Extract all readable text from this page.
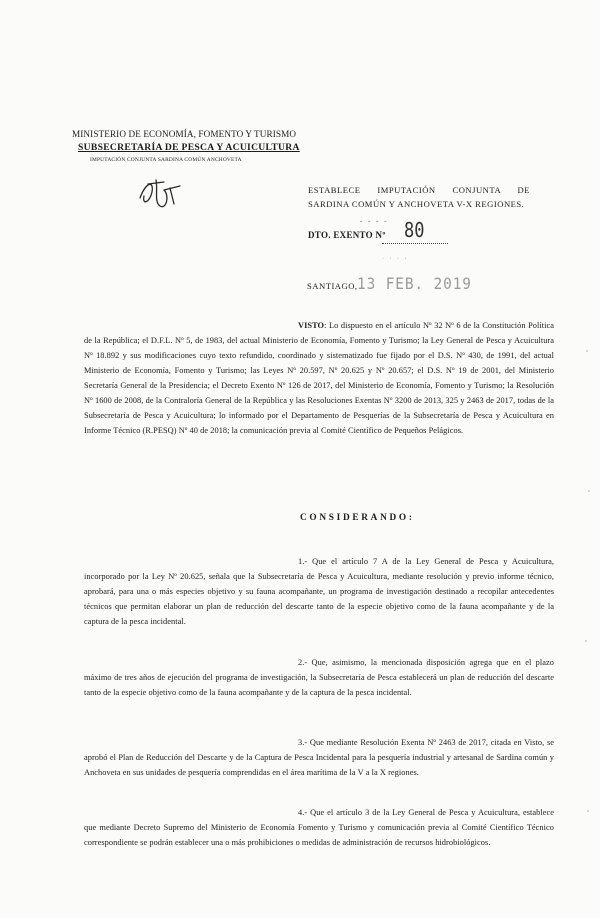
MINISTERIO DE ECONOMÍA, FOMENTO Y TURISMO
SUBSECRETARÍA DE PESCA Y ACUICULTURA
IMPUTACIÓN CONJUNTA SARDINA COMÚN ANCHOVETA
ESTABLECE IMPUTACIÓN CONJUNTA DE SARDINA COMÚN Y ANCHOVETA V-X REGIONES.
- - - -
DTO. EXENTO Nº 80
· · · ·
SANTIAGO, 13 FEB. 2019
VISTO: Lo dispuesto en el artículo Nº 32 Nº 6 de la Constitución Política de la República; el D.F.L. Nº 5, de 1983, del actual Ministerio de Economía, Fomento y Turismo; la Ley General de Pesca y Acuicultura Nº 18.892 y sus modificaciones cuyo texto refundido, coordinado y sistematizado fue fijado por el D.S. Nº 430, de 1991, del actual Ministerio de Economía, Fomento y Turismo; las Leyes Nº 20.597, Nº 20.625 y Nº 20.657; el D.S. Nº 19 de 2001, del Ministerio Secretaría General de la Presidencia; el Decreto Exento Nº 126 de 2017, del Ministerio de Economía, Fomento y Turismo; la Resolución Nº 1600 de 2008, de la Contraloría General de la República y las Resoluciones Exentas Nº 3200 de 2013, 325 y 2463 de 2017, todas de la Subsecretaría de Pesca y Acuicultura; lo informado por el Departamento de Pesquerías de la Subsecretaría de Pesca y Acuicultura en Informe Técnico (R.PESQ) Nº 40 de 2018; la comunicación previa al Comité Científico de Pequeños Pelágicos.
CONSIDERANDO:
1.- Que el artículo 7 A de la Ley General de Pesca y Acuicultura, incorporado por la Ley Nº 20.625, señala que la Subsecretaría de Pesca y Acuicultura, mediante resolución y previo informe técnico, aprobará, para una o más especies objetivo y su fauna acompañante, un programa de investigación destinado a recopilar antecedentes técnicos que permitan elaborar un plan de reducción del descarte tanto de la especie objetivo como de la fauna acompañante y de la captura de la pesca incidental.
2.- Que, asimismo, la mencionada disposición agrega que en el plazo máximo de tres años de ejecución del programa de investigación, la Subsecretaría de Pesca establecerá un plan de reducción del descarte tanto de la especie objetivo como de la fauna acompañante y de la captura de la pesca incidental.
3.- Que mediante Resolución Exenta Nº 2463 de 2017, citada en Visto, se aprobó el Plan de Reducción del Descarte y de la Captura de Pesca Incidental para la pesquería industrial y artesanal de Sardina común y Anchoveta en sus unidades de pesquería comprendidas en el área marítima de la V a la X regiones.
4.- Que el artículo 3 de la Ley General de Pesca y Acuicultura, establece que mediante Decreto Supremo del Ministerio de Economía Fomento y Turismo y comunicación previa al Comité Científico Técnico correspondiente se podrán establecer una o más prohibiciones o medidas de administración de recursos hidrobiológicos.
